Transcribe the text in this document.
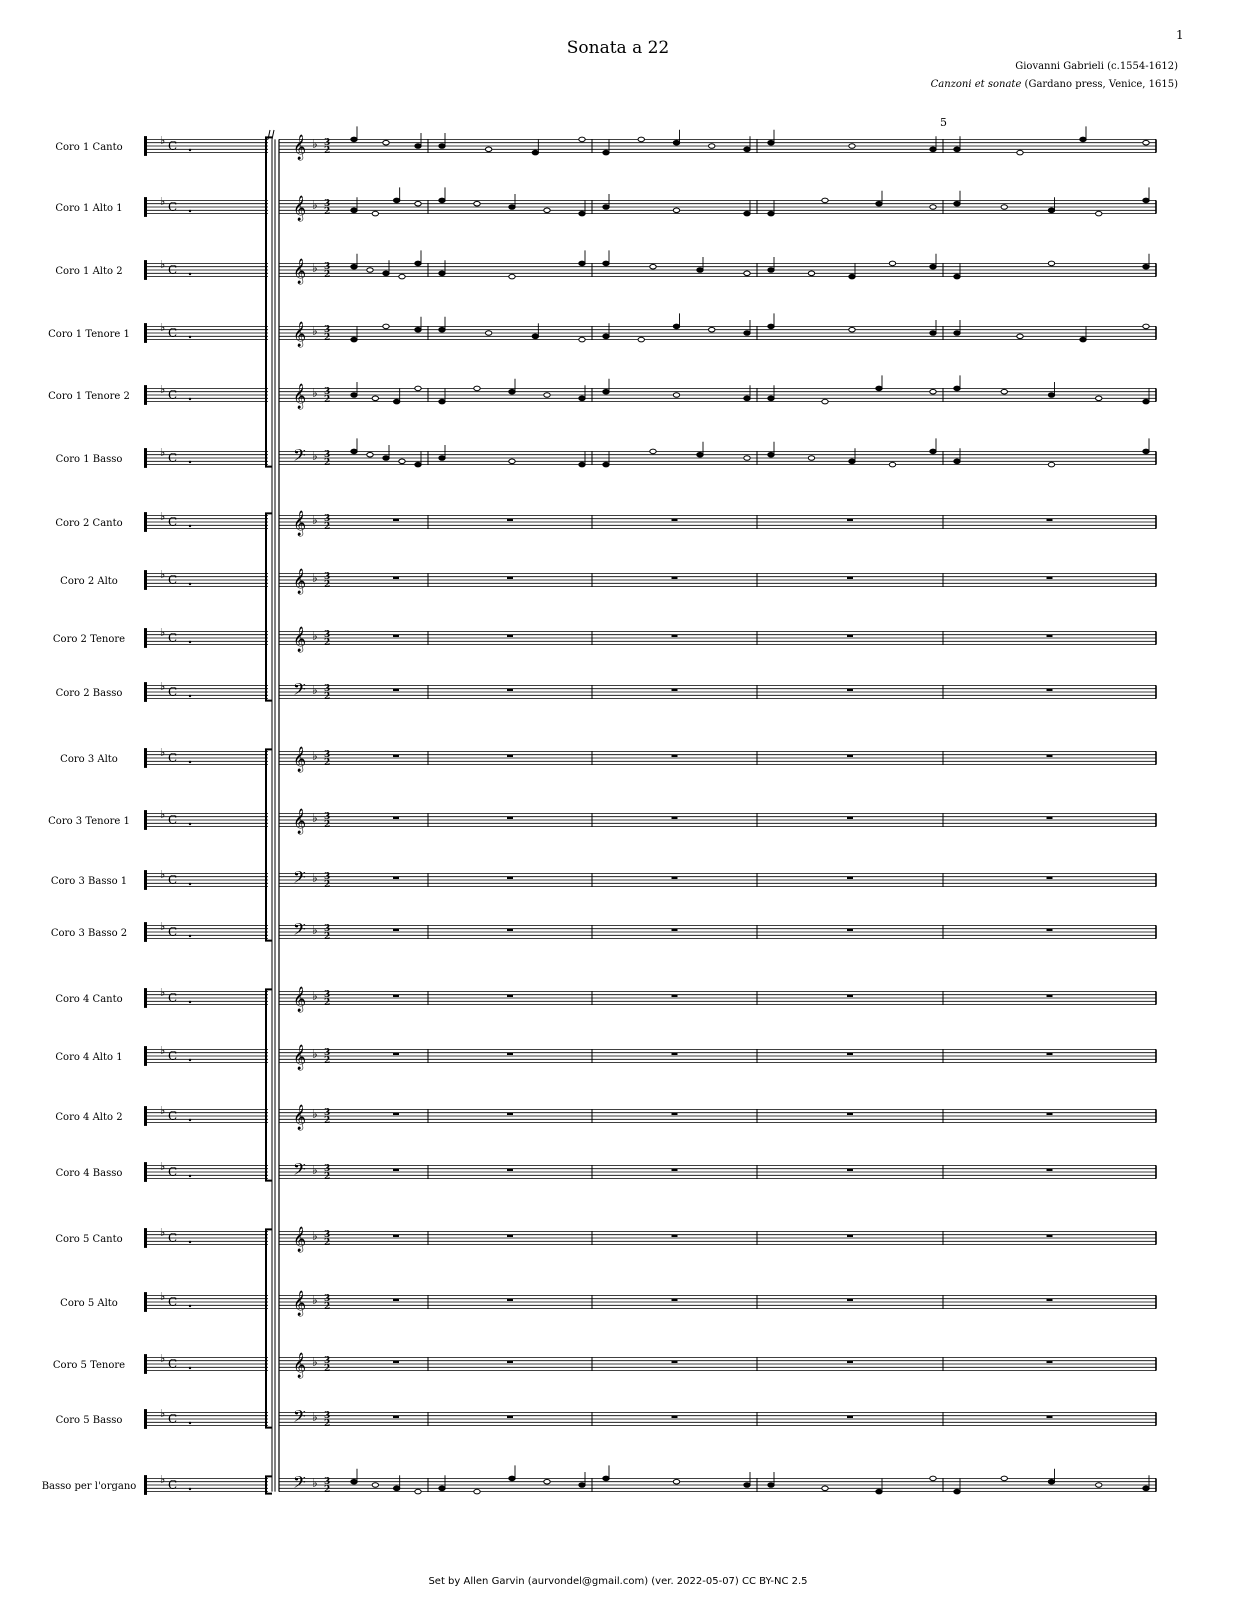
1
Sonata a 22
Giovanni Gabrieli (c.1554-1612)
Canzoni et sonate (Gardano press, Venice, 1615)
Coro 1 Canto
♭ C	𝄞 ♭ 3
2
Coro 1 Alto 1
♭ C	𝄞 ♭ 3
2
Coro 1 Alto 2
♭ C	𝄞 ♭ 3
2
Coro 1 Tenore 1
♭ C	𝄞 ♭ 3
2
Coro 1 Tenore 2
♭ C	𝄞 ♭ 3
2
Coro 1 Basso
♭ C	𝄢 ♭ 3
2
Coro 2 Canto
♭ C	𝄞 ♭ 3
2
Coro 2 Alto
♭ C	𝄞 ♭ 3
2
Coro 2 Tenore
♭ C	𝄞 ♭ 3
2
Coro 2 Basso
♭ C	𝄢 ♭ 3
2
Coro 3 Alto
♭ C	𝄞 ♭ 3
2
Coro 3 Tenore 1
♭ C	𝄞 ♭ 3
2
Coro 3 Basso 1
♭ C	𝄢 ♭ 3
2
Coro 3 Basso 2
♭ C	𝄢 ♭ 3
2
Coro 4 Canto
♭ C	𝄞 ♭ 3
2
Coro 4 Alto 1
♭ C	𝄞 ♭ 3
2
Coro 4 Alto 2
♭ C	𝄞 ♭ 3
2
Coro 4 Basso
♭ C	𝄢 ♭ 3
2
Coro 5 Canto
♭ C	𝄞 ♭ 3
2
Coro 5 Alto
♭ C	𝄞 ♭ 3
2
Coro 5 Tenore
♭ C	𝄞 ♭ 3
2
Coro 5 Basso
♭ C	𝄢 ♭ 3
2
Basso per l'organo
♭ C	𝄢 ♭ 3
2
5
Set by Allen Garvin (aurvondel@gmail.com) (ver. 2022-05-07) CC BY-NC 2.5
